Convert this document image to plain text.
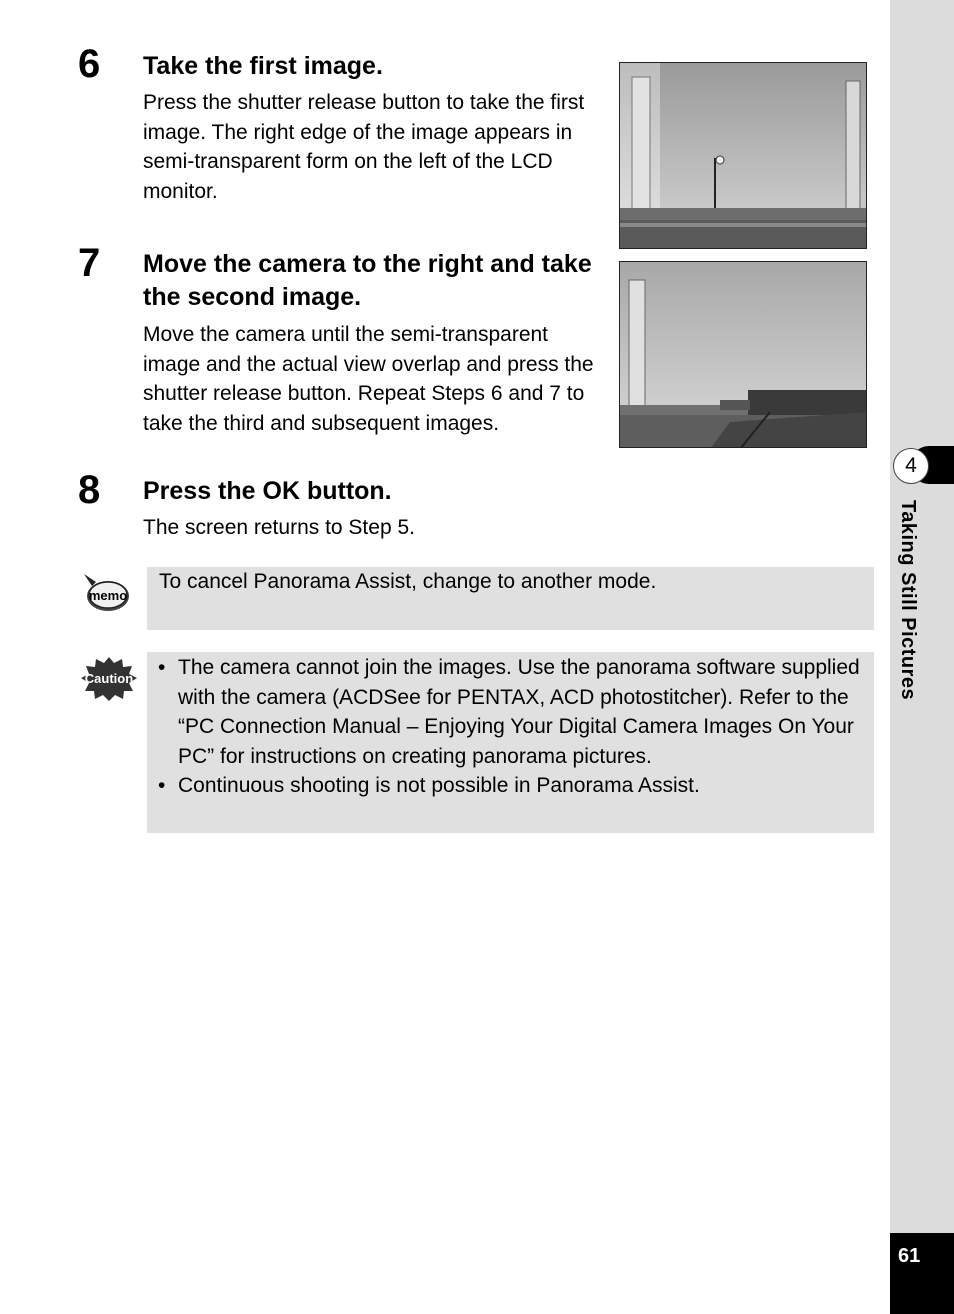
4
Taking Still Pictures
61
6 Take the first image.
Press the shutter release button to take the first image. The right edge of the image appears in semi-transparent form on the left of the LCD monitor.
7 Move the camera to the right and take the second image.
Move the camera until the semi-transparent image and the actual view overlap and press the shutter release button. Repeat Steps 6 and 7 to take the third and subsequent images.
8 Press the OK button.
The screen returns to Step 5.
memo
To cancel Panorama Assist, change to another mode.
Caution • The camera cannot join the images. Use the panorama software supplied with the camera (ACDSee for PENTAX, ACD photostitcher). Refer to the “PC Connection Manual – Enjoying Your Digital Camera Images On Your PC” for instructions on creating panorama pictures.
• Continuous shooting is not possible in Panorama Assist.
